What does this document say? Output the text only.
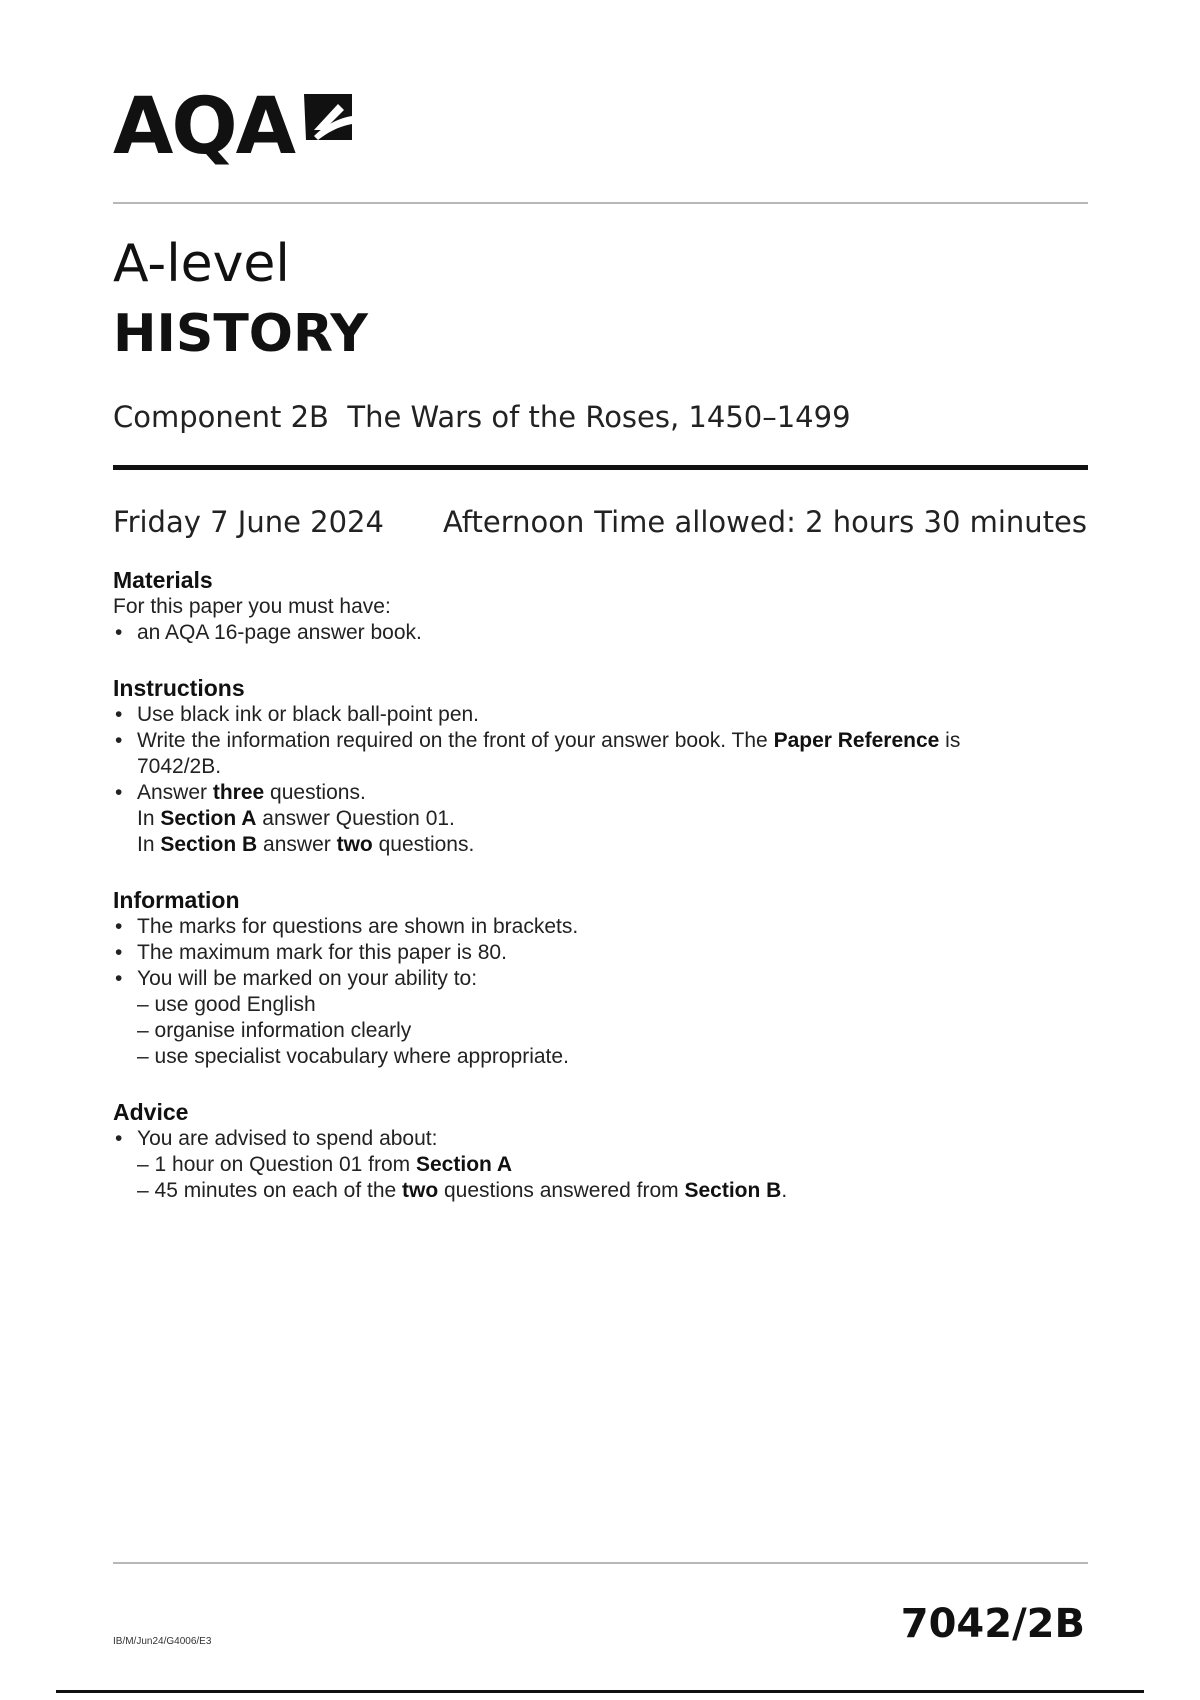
AQA
A-level
HISTORY
Component 2B  The Wars of the Roses, 1450–1499
Friday 7 June 2024 Afternoon Time allowed: 2 hours 30 minutes
Materials
For this paper you must have:
• an AQA 16-page answer book.
Instructions
• Use black ink or black ball-point pen.
• Write the information required on the front of your answer book. The Paper Reference is
7042/2B.
• Answer three questions.
In Section A answer Question 01.
In Section B answer two questions.
Information
• The marks for questions are shown in brackets.
• The maximum mark for this paper is 80.
• You will be marked on your ability to:
– use good English
– organise information clearly
– use specialist vocabulary where appropriate.
Advice
• You are advised to spend about:
– 1 hour on Question 01 from Section A
– 45 minutes on each of the two questions answered from Section B.
IB/M/Jun24/G4006/E3	7042/2B
